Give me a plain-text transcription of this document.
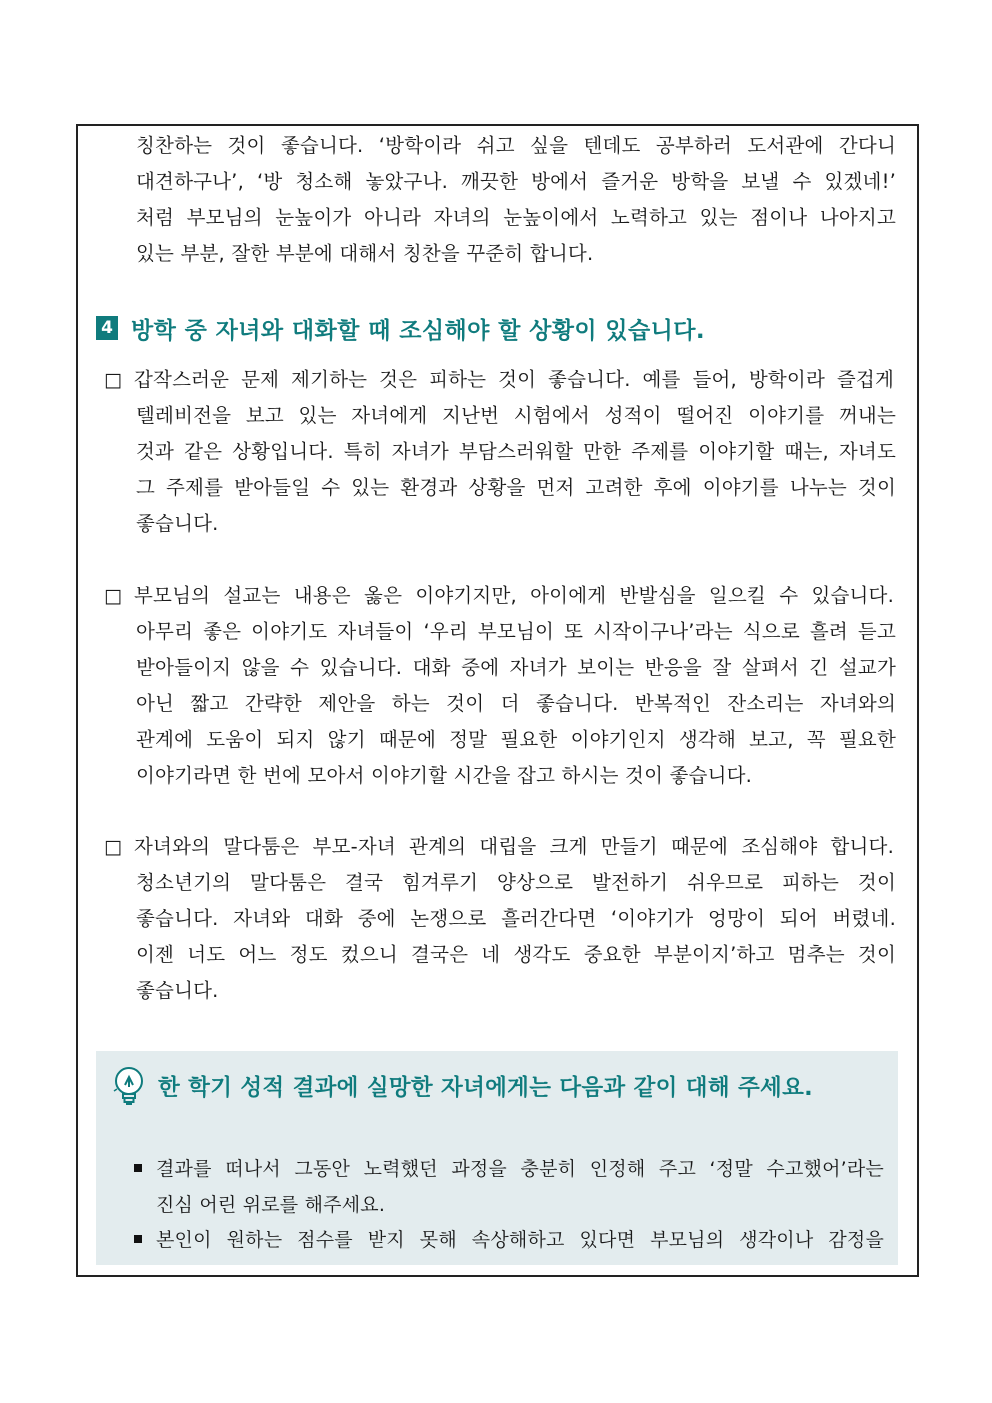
칭찬하는 것이 좋습니다. ‘방학이라 쉬고 싶을 텐데도 공부하러 도서관에 간다니
대견하구나’, ‘방 청소해 놓았구나. 깨끗한 방에서 즐거운 방학을 보낼 수 있겠네!’
처럼 부모님의 눈높이가 아니라 자녀의 눈높이에서 노력하고 있는 점이나 나아지고
있는 부분, 잘한 부분에 대해서 칭찬을 꾸준히 합니다.
4 방학 중 자녀와 대화할 때 조심해야 할 상황이 있습니다.
□ 갑작스러운 문제 제기하는 것은 피하는 것이 좋습니다. 예를 들어, 방학이라 즐겁게
텔레비전을 보고 있는 자녀에게 지난번 시험에서 성적이 떨어진 이야기를 꺼내는
것과 같은 상황입니다. 특히 자녀가 부담스러워할 만한 주제를 이야기할 때는, 자녀도
그 주제를 받아들일 수 있는 환경과 상황을 먼저 고려한 후에 이야기를 나누는 것이
좋습니다.
□ 부모님의 설교는 내용은 옳은 이야기지만, 아이에게 반발심을 일으킬 수 있습니다.
아무리 좋은 이야기도 자녀들이 ‘우리 부모님이 또 시작이구나’라는 식으로 흘려 듣고
받아들이지 않을 수 있습니다. 대화 중에 자녀가 보이는 반응을 잘 살펴서 긴 설교가
아닌 짧고 간략한 제안을 하는 것이 더 좋습니다. 반복적인 잔소리는 자녀와의
관계에 도움이 되지 않기 때문에 정말 필요한 이야기인지 생각해 보고, 꼭 필요한
이야기라면 한 번에 모아서 이야기할 시간을 잡고 하시는 것이 좋습니다.
□ 자녀와의 말다툼은 부모-자녀 관계의 대립을 크게 만들기 때문에 조심해야 합니다.
청소년기의 말다툼은 결국 힘겨루기 양상으로 발전하기 쉬우므로 피하는 것이
좋습니다. 자녀와 대화 중에 논쟁으로 흘러간다면 ‘이야기가 엉망이 되어 버렸네.
이젠 너도 어느 정도 컸으니 결국은 네 생각도 중요한 부분이지’하고 멈추는 것이
좋습니다.
한 학기 성적 결과에 실망한 자녀에게는 다음과 같이 대해 주세요.
결과를 떠나서 그동안 노력했던 과정을 충분히 인정해 주고 ‘정말 수고했어’라는
진심 어린 위로를 해주세요.
본인이 원하는 점수를 받지 못해 속상해하고 있다면 부모님의 생각이나 감정을
